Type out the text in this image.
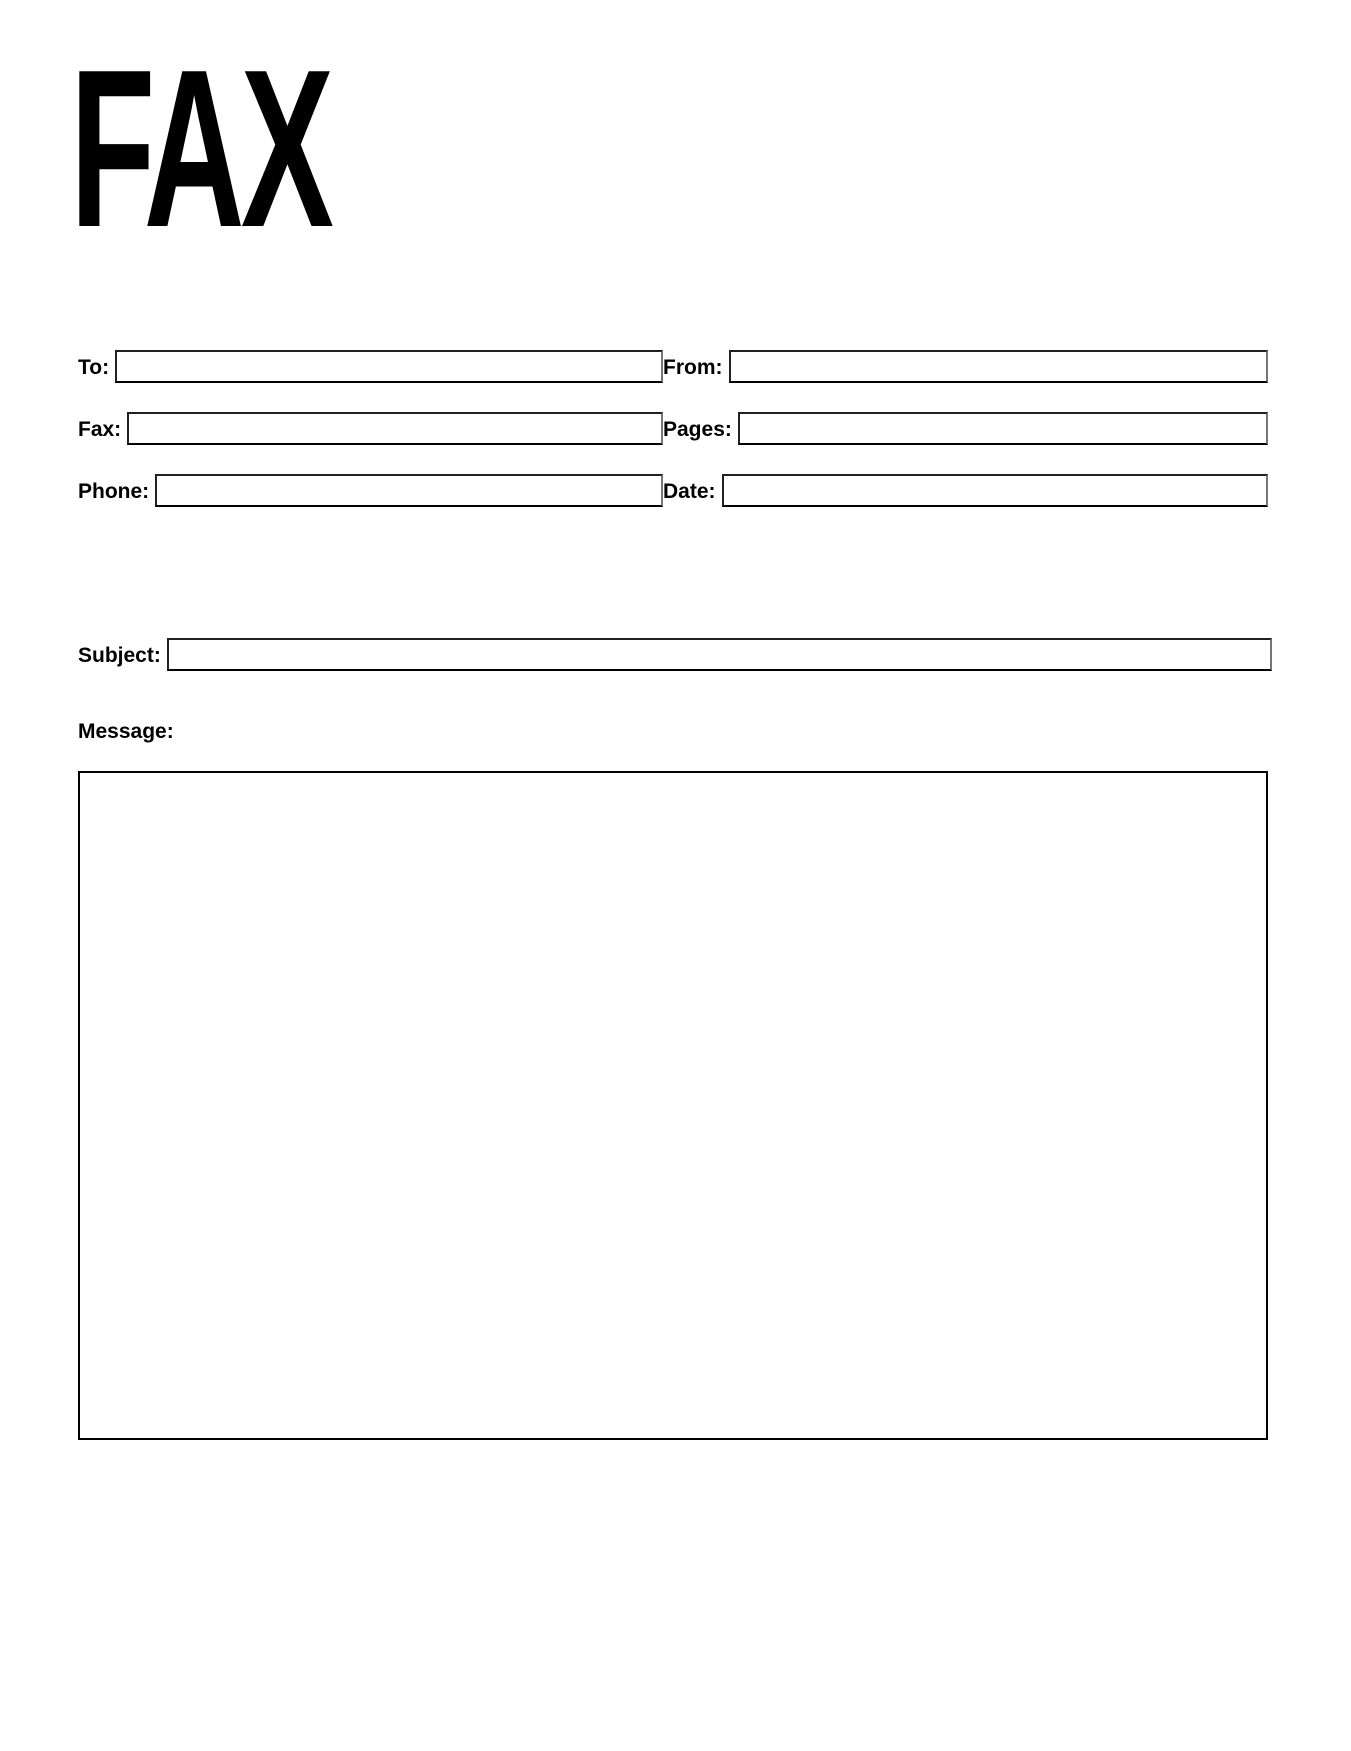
FAX
To:	From:
Fax:	Pages:
Phone:	Date:
Subject:
Message:
